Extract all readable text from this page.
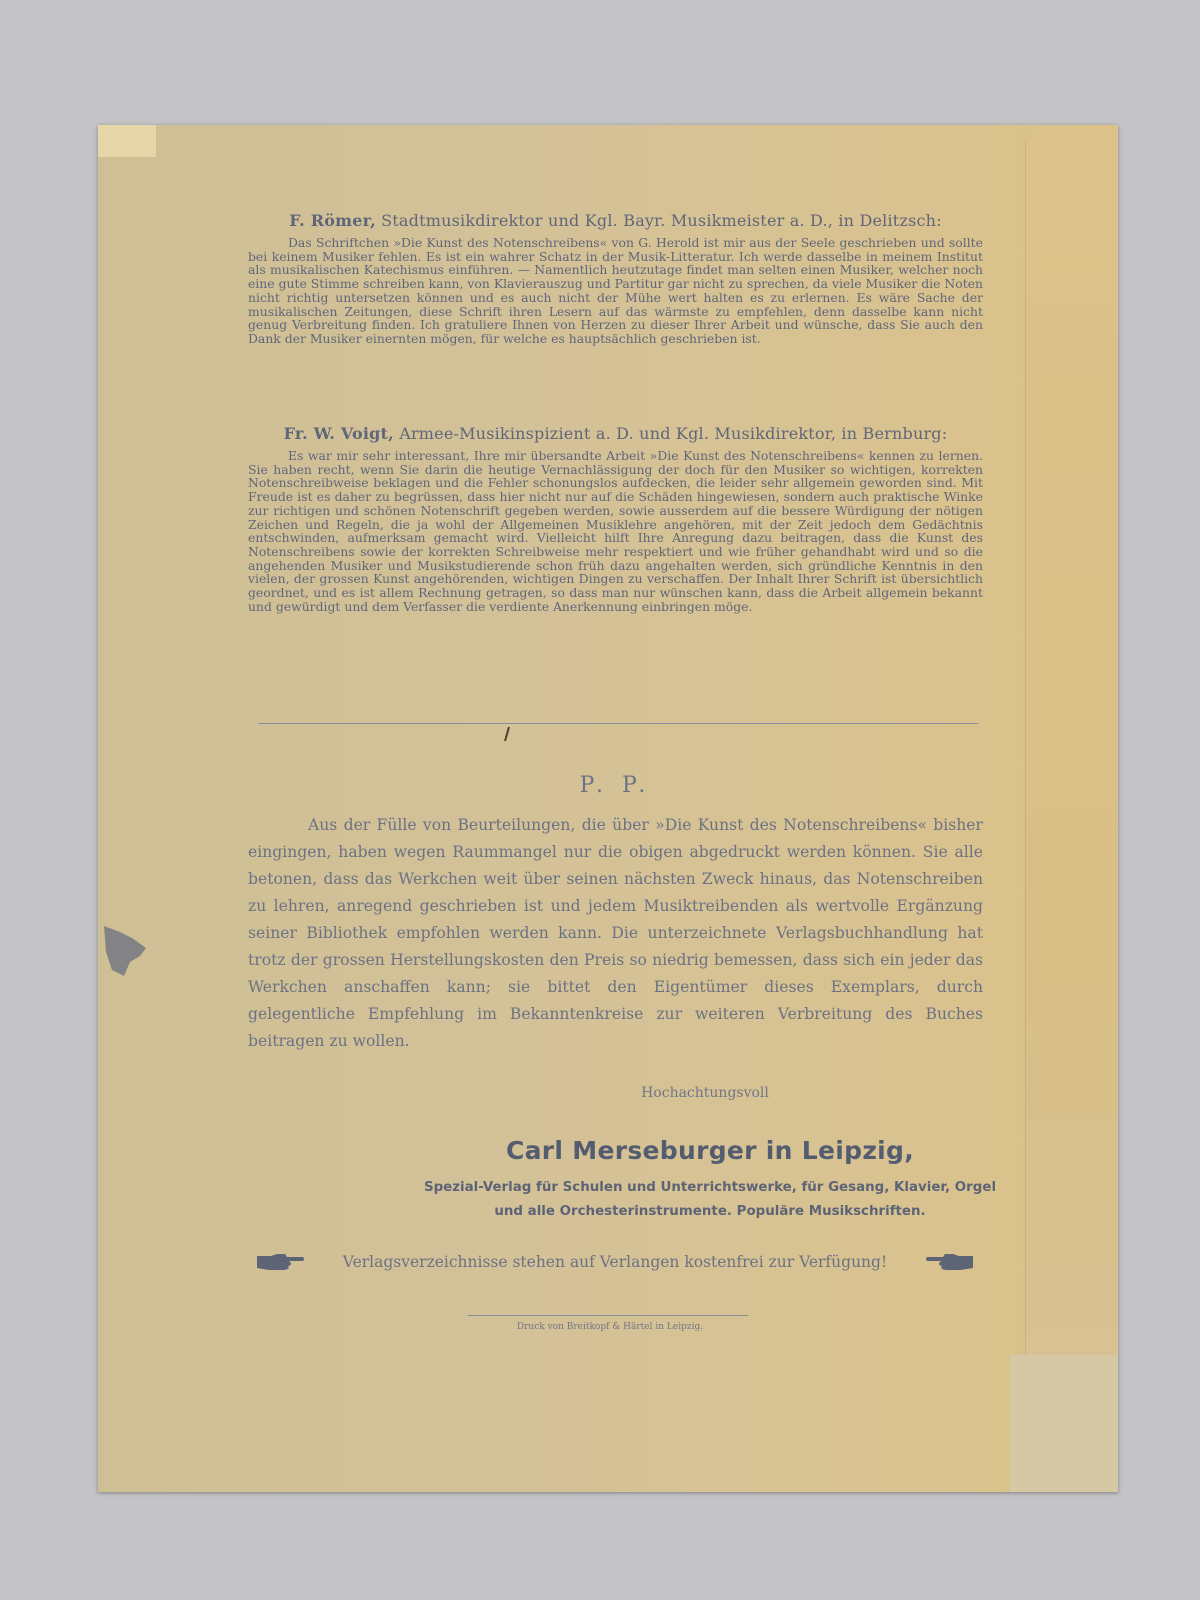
F. Römer, Stadtmusikdirektor und Kgl. Bayr. Musikmeister a. D., in Delitzsch:
Das Schriftchen »Die Kunst des Notenschreibens« von G. Herold ist mir aus der Seele geschrieben und sollte bei keinem Musiker fehlen. Es ist ein wahrer Schatz in der Musik-Litteratur. Ich werde dasselbe in meinem Institut als musikalischen Katechismus einführen. — Namentlich heutzutage findet man selten einen Musiker, welcher noch eine gute Stimme schreiben kann, von Klavierauszug und Partitur gar nicht zu sprechen, da viele Musiker die Noten nicht richtig untersetzen können und es auch nicht der Mühe wert halten es zu erlernen. Es wäre Sache der musikalischen Zeitungen, diese Schrift ihren Lesern auf das wärmste zu empfehlen, denn dasselbe kann nicht genug Verbreitung finden. Ich gratuliere Ihnen von Herzen zu dieser Ihrer Arbeit und wünsche, dass Sie auch den Dank der Musiker einernten mögen, für welche es hauptsächlich geschrieben ist.
Fr. W. Voigt, Armee-Musikinspizient a. D. und Kgl. Musikdirektor, in Bernburg:
Es war mir sehr interessant, Ihre mir übersandte Arbeit »Die Kunst des Notenschreibens« kennen zu lernen. Sie haben recht, wenn Sie darin die heutige Vernachlässigung der doch für den Musiker so wichtigen, korrekten Notenschreibweise beklagen und die Fehler schonungslos aufdecken, die leider sehr allgemein geworden sind. Mit Freude ist es daher zu begrüssen, dass hier nicht nur auf die Schäden hingewiesen, sondern auch praktische Winke zur richtigen und schönen Notenschrift gegeben werden, sowie ausserdem auf die bessere Würdigung der nötigen Zeichen und Regeln, die ja wohl der Allgemeinen Musiklehre angehören, mit der Zeit jedoch dem Gedächtnis entschwinden, aufmerksam gemacht wird. Vielleicht hilft Ihre Anregung dazu beitragen, dass die Kunst des Notenschreibens sowie der korrekten Schreibweise mehr respektiert und wie früher gehandhabt wird und so die angehenden Musiker und Musikstudierende schon früh dazu angehalten werden, sich gründliche Kenntnis in den vielen, der grossen Kunst angehörenden, wichtigen Dingen zu verschaffen. Der Inhalt Ihrer Schrift ist übersichtlich geordnet, und es ist allem Rechnung getragen, so dass man nur wünschen kann, dass die Arbeit allgemein bekannt und gewürdigt und dem Verfasser die verdiente Anerkennung einbringen möge.
P. P.
Aus der Fülle von Beurteilungen, die über »Die Kunst des Notenschreibens« bisher eingingen, haben wegen Raummangel nur die obigen abgedruckt werden können. Sie alle betonen, dass das Werkchen weit über seinen nächsten Zweck hinaus, das Notenschreiben zu lehren, anregend geschrieben ist und jedem Musiktreibenden als wertvolle Ergänzung seiner Bibliothek empfohlen werden kann. Die unterzeichnete Verlagsbuchhandlung hat trotz der grossen Herstellungskosten den Preis so niedrig bemessen, dass sich ein jeder das Werkchen anschaffen kann; sie bittet den Eigentümer dieses Exemplars, durch gelegentliche Empfehlung im Bekanntenkreise zur weiteren Verbreitung des Buches beitragen zu wollen.
Hochachtungsvoll
Carl Merseburger in Leipzig,
Spezial-Verlag für Schulen und Unterrichtswerke, für Gesang, Klavier, Orgel
und alle Orchesterinstrumente. Populäre Musikschriften.
Verlagsverzeichnisse stehen auf Verlangen kostenfrei zur Verfügung!
Druck von Breitkopf & Härtel in Leipzig.
